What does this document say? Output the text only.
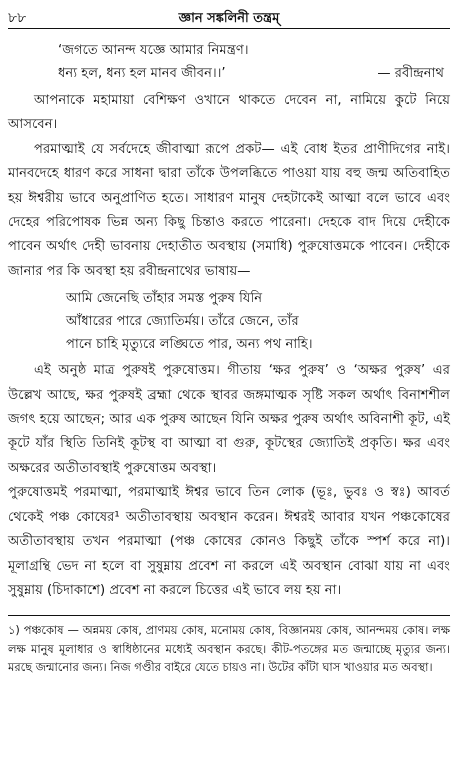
৮৮	জ্ঞান সঙ্কলিনী তন্ত্রম্
‘জগতে আনন্দ যজ্ঞে আমার নিমন্ত্রণ।
ধন্য হল, ধন্য হল মানব জীবন।।’	— রবীন্দ্রনাথ

আপনাকে মহামায়া বেশিক্ষণ ওখানে থাকতে দেবেন না, নামিয়ে কুটে নিয়ে আসবেন।

পরমাত্মাই যে সর্বদেহে জীবাত্মা রূপে প্রকট— এই বোধ ইতর প্রাণীদিগের নাই। মানবদেহে ধারণ করে সাধনা দ্বারা তাঁকে উপলব্ধিতে পাওয়া যায় বহু জন্ম অতিবাহিত হয় ঈশ্বরীয় ভাবে অনুপ্রাণিত হতে। সাধারণ মানুষ দেহটাকেই আত্মা বলে ভাবে এবং দেহের পরিপোষক ভিন্ন অন্য কিছু চিন্তাও করতে পারেনা। দেহকে বাদ দিয়ে দেহীকে পাবেন অর্থাৎ দেহী ভাবনায় দেহাতীত অবস্থায় (সমাধি) পুরুষোত্তমকে পাবেন। দেহীকে জানার পর কি অবস্থা হয় রবীন্দ্রনাথের ভাষায়—

আমি জেনেছি তাঁহার সমস্ত পুরুষ যিনি
আঁধারের পারে জ্যোতির্ময়। তাঁরে জেনে, তাঁর
পানে চাহি মৃত্যুরে লঙ্ঘিতে পার, অন্য পথ নাহি।

এই অনুষ্ঠ মাত্র পুরুষই পুরুষোত্তম। গীতায় ‘ক্ষর পুরুষ’ ও ‘অক্ষর পুরুষ’ এর উল্লেখ আছে, ক্ষর পুরুষই ব্রহ্মা থেকে স্থাবর জঙ্গমাত্মক সৃষ্টি সকল অর্থাৎ বিনাশশীল জগৎ হয়ে আছেন; আর এক পুরুষ আছেন যিনি অক্ষর পুরুষ অর্থাৎ অবিনাশী কূট, এই কূটে যাঁর স্থিতি তিনিই কূটস্থ বা আত্মা বা গুরু, কূটস্থের জ্যোতিই প্রকৃতি। ক্ষর এবং অক্ষরের অতীতাবস্থাই পুরুষোত্তম অবস্থা।

পুরুষোত্তমই পরমাত্মা, পরমাত্মাই ঈশ্বর ভাবে তিন লোক (ভূঃ, ভুবঃ ও স্বঃ) আবর্ত থেকেই পঞ্চ কোষের¹ অতীতাবস্থায় অবস্থান করেন। ঈশ্বরই আবার যখন পঞ্চকোষের অতীতাবস্থায় তখন পরমাত্মা (পঞ্চ কোষের কোনও কিছুই তাঁকে স্পর্শ করে না)। মূলাগ্রন্থি ভেদ না হলে বা সুষুম্নায় প্রবেশ না করলে এই অবস্থান বোঝা যায় না এবং সুষুম্নায় (চিদাকাশে) প্রবেশ না করলে চিত্তের এই ভাবে লয় হয় না।

১) পঞ্চকোষ — অন্নময় কোষ, প্রাণময় কোষ, মনোময় কোষ, বিজ্ঞানময় কোষ, আনন্দময় কোষ। লক্ষ লক্ষ মানুষ মূলাধার ও স্বাধিষ্ঠানের মধ্যেই অবস্থান করছে। কীট-পতঙ্গের মত জন্মাচ্ছে মৃত্যুর জন্য। মরছে জন্মানোর জন্য। নিজ গণ্ডীর বাইরে যেতে চায়ও না। উটের কাঁটা ঘাস খাওয়ার মত অবস্থা।
